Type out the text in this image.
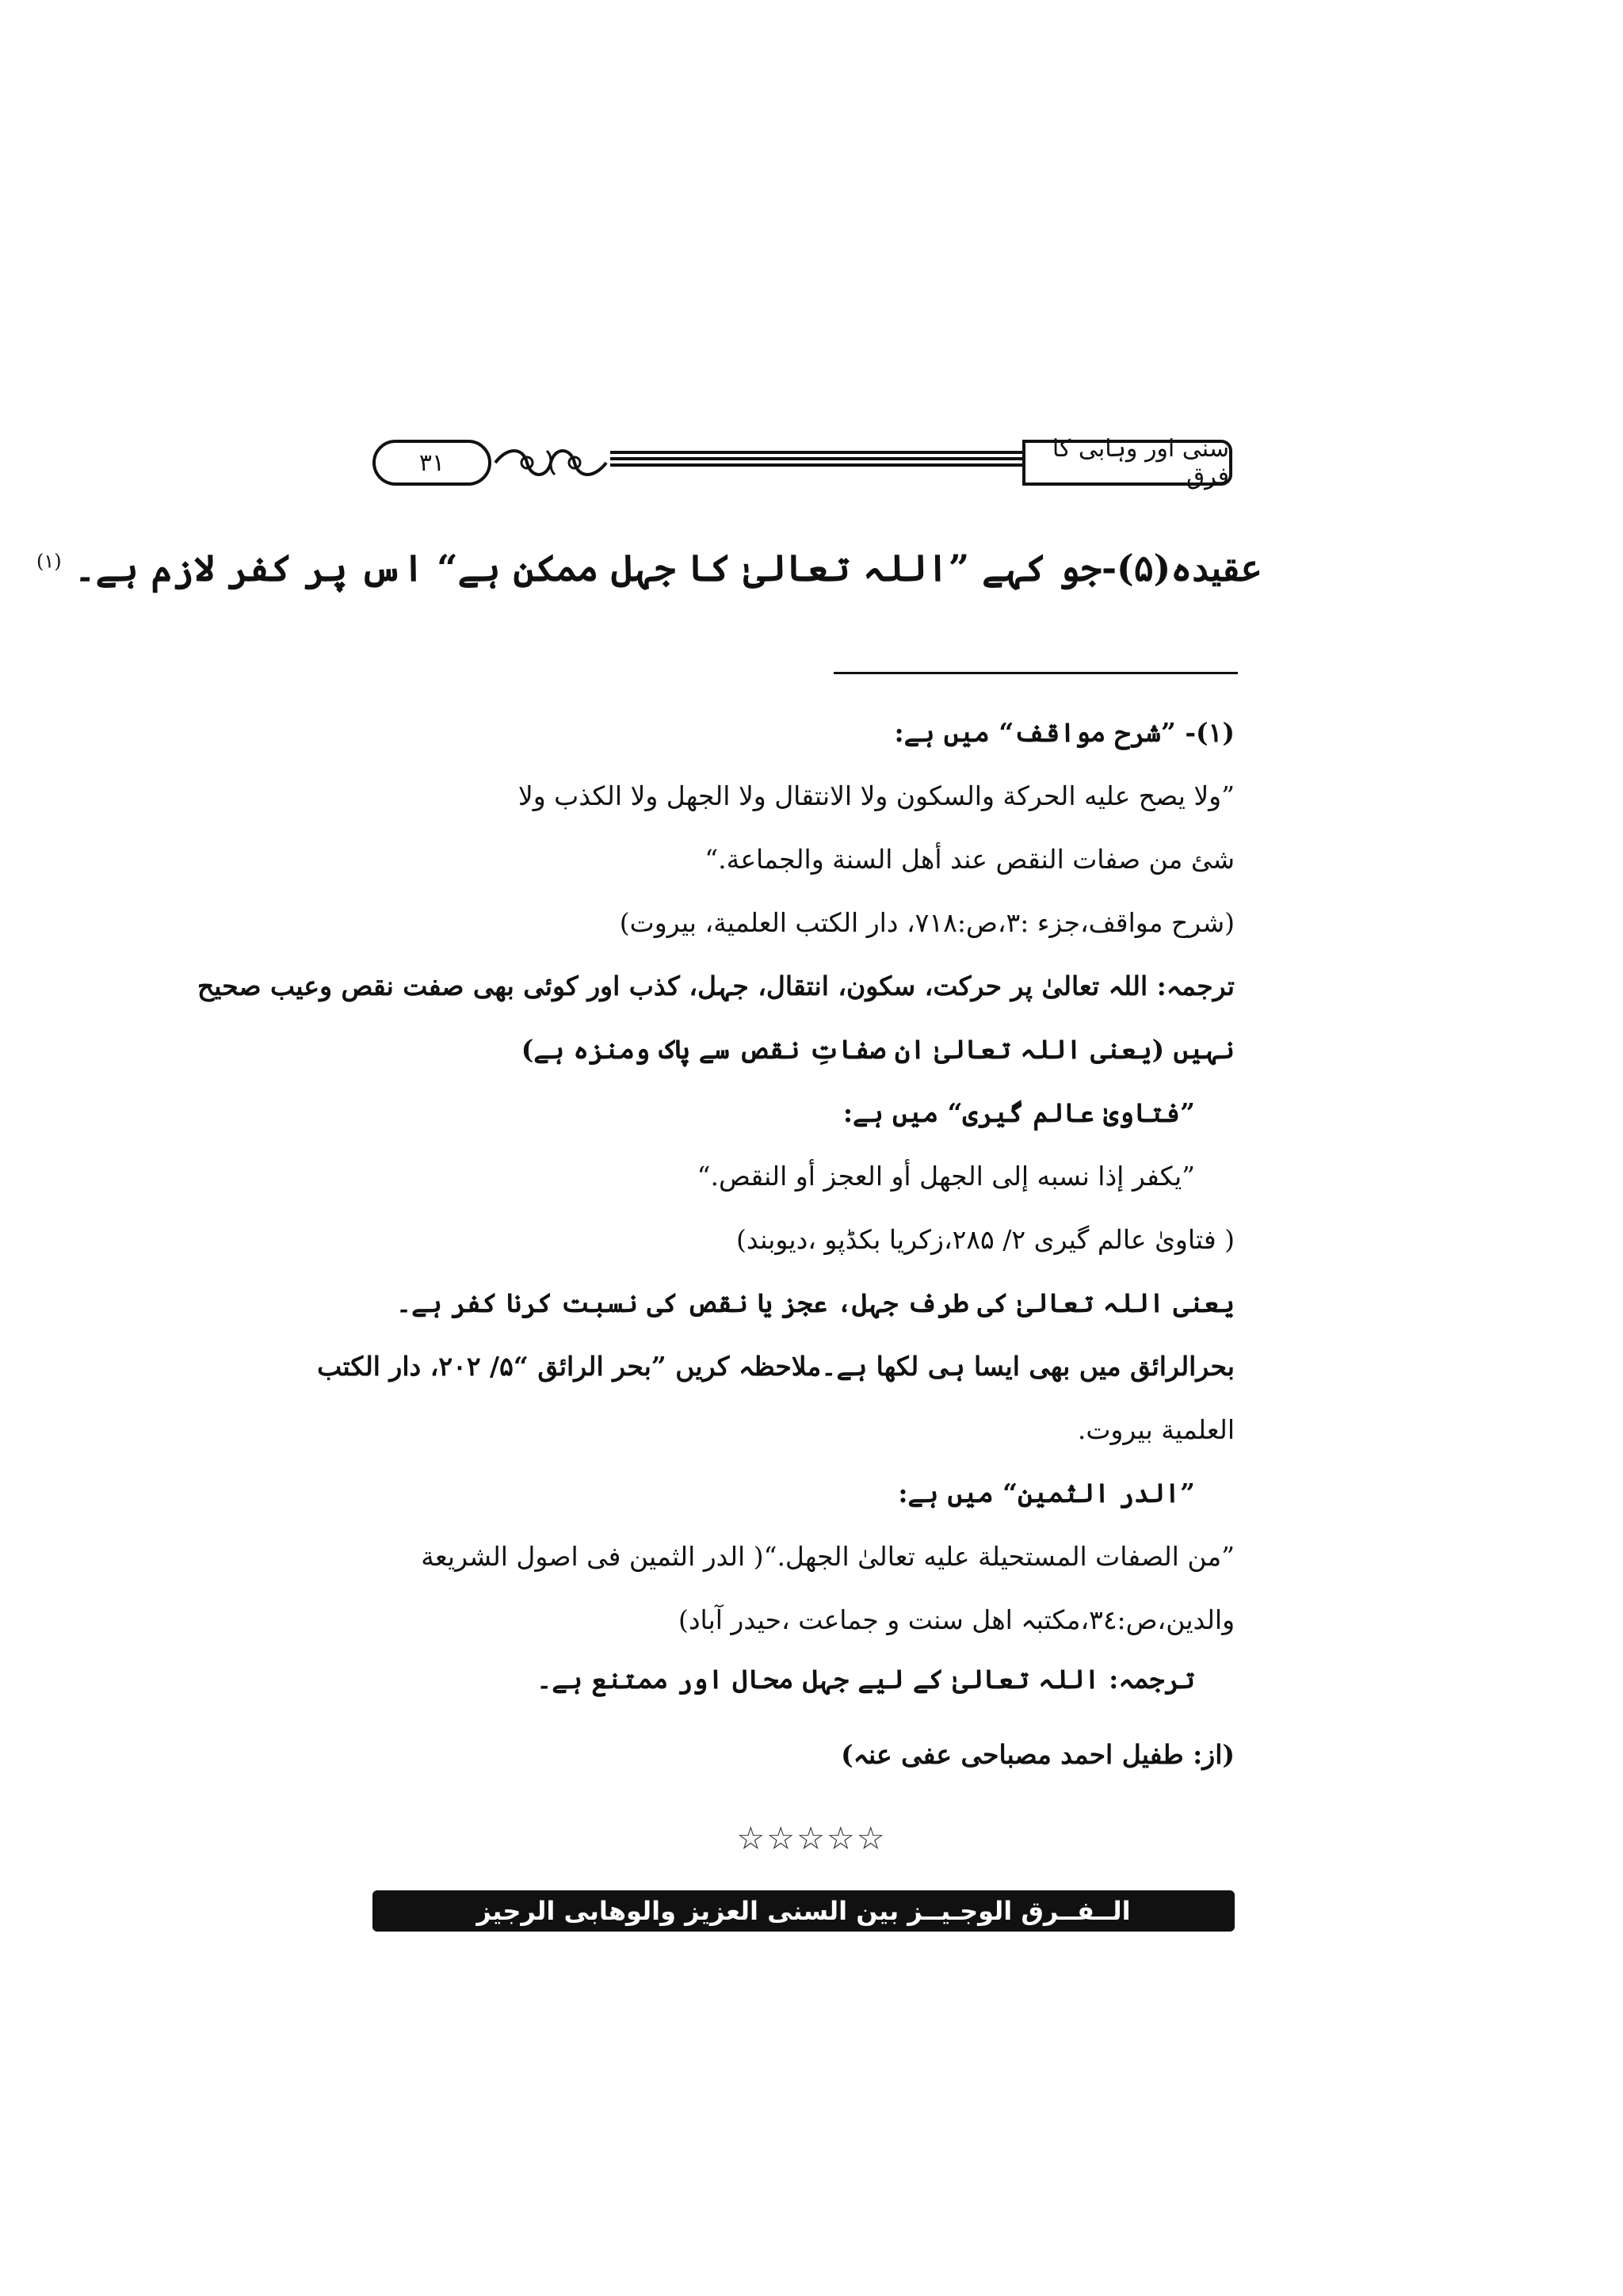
۳۱	سنی اور وہابی کا فرق
عقیدہ(۵)-جو کہے ”اللہ تعالیٰ کا جہل ممکن ہے“ اس پر کفر لازم ہے۔ $^{(۱)}$
(۱)- ”شرح مواقف“ میں ہے:
”ولا يصح عليه الحركة والسكون ولا الانتقال ولا الجهل ولا الكذب ولا
شئ من صفات النقص عند أهل السنة والجماعة.“
(شرح مواقف،جزء :۳،ص:۷۱۸، دار الكتب العلمية، بيروت)
ترجمہ: اللہ تعالیٰ پر حرکت، سکون، انتقال، جہل، کذب اور کوئی بھی صفت نقص وعیب صحیح
نہیں (یعنی اللہ تعالیٰ ان صفاتِ نقص سے پاک ومنزہ ہے)
”فتاویٰ عالم گیری“ میں ہے:
”يكفر إذا نسبه إلى الجهل أو العجز أو النقص.“
( فتاویٰ عالم گیری ۲/ ۲۸۵،زکریا بکڈپو ،دیوبند)
یعنی اللہ تعالیٰ کی طرف جہل، عجز یا نقص کی نسبت کرنا کفر ہے۔
بحرالرائق میں بھی ایسا ہی لکھا ہے۔ملاحظہ کریں ”بحر الرائق “۵/ ۲۰۲، دار الكتب
العلمية بيروت.
”الدر الثمين“ میں ہے:
”من الصفات المستحيلة عليه تعالىٰ الجهل.“( الدر الثمين فى اصول الشريعة
والدين،ص:۳٤،مکتبہ اهل سنت و جماعت ،حیدر آباد)
ترجمہ: اللہ تعالیٰ کے لیے جہل محال اور ممتنع ہے۔
(از: طفیل احمد مصباحی عفی عنہ)
☆☆☆☆☆
الــفــرق الوجـيــز بين السنى العزيز والوهابى الرجيز
